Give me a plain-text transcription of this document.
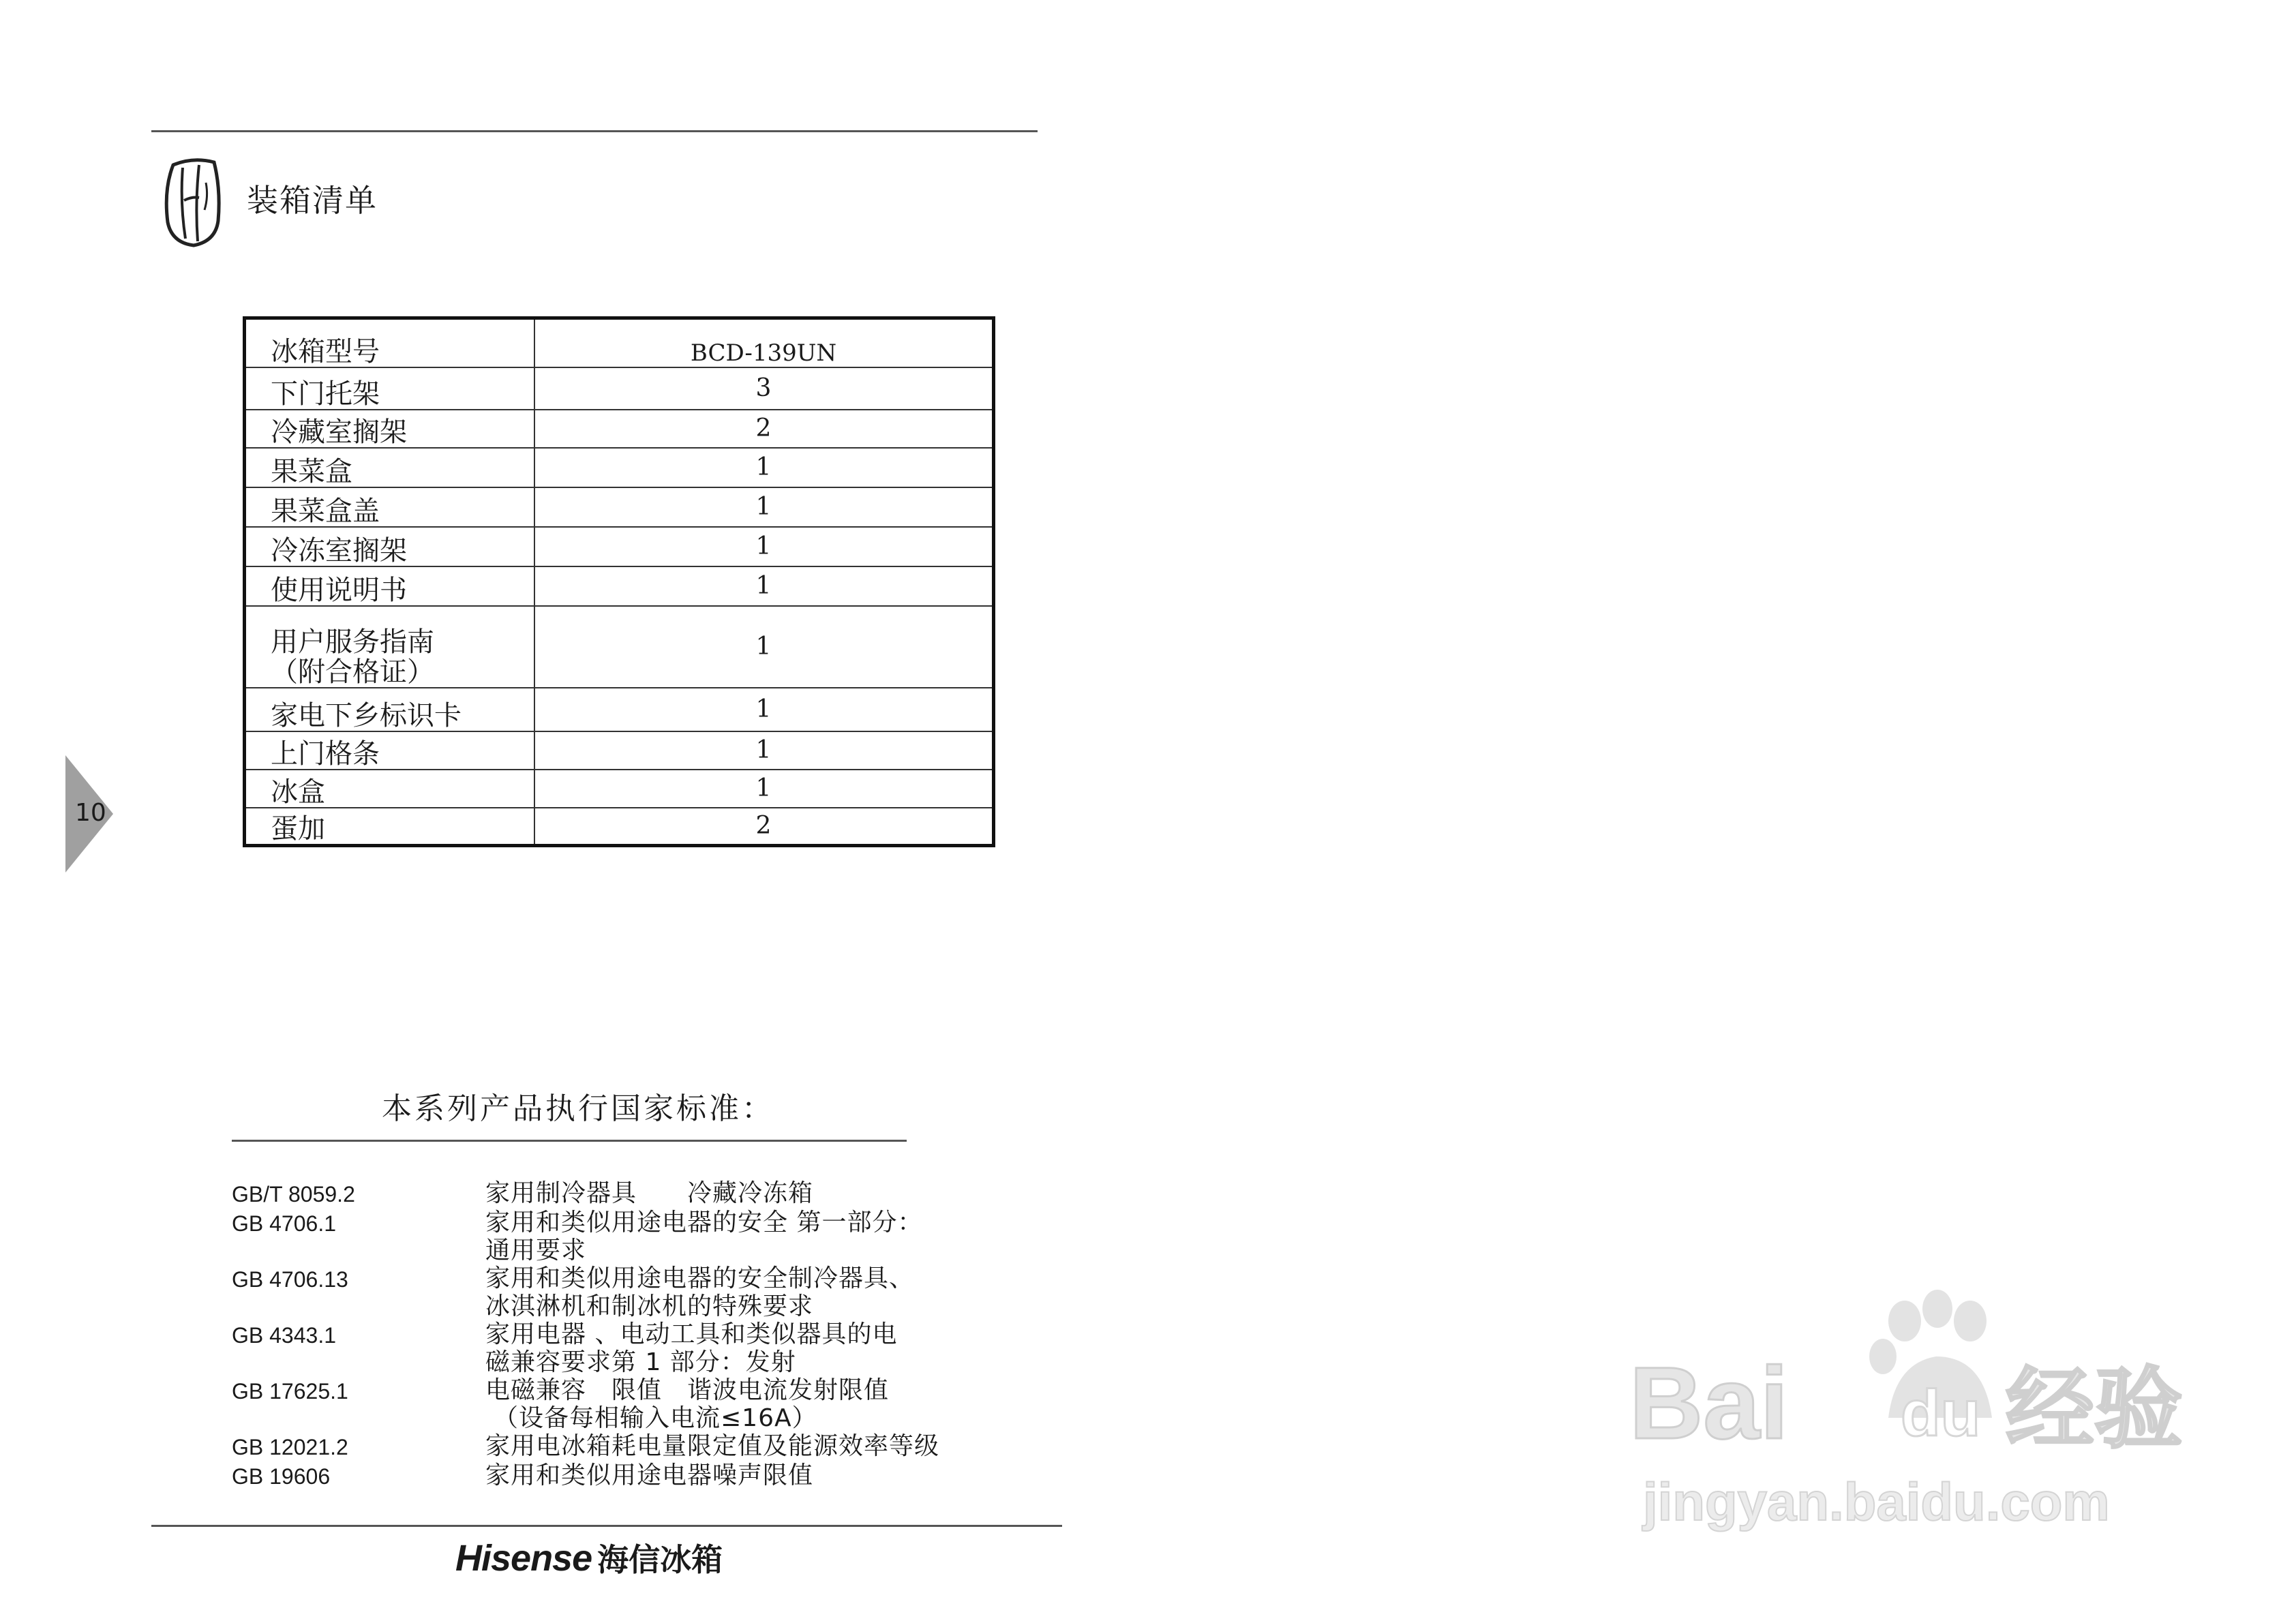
装箱清单
冰箱型号	BCD-139UN

下门托架	3

冷藏室搁架	2

果菜盒	1

果菜盒盖	1

冷冻室搁架	1

使用说明书	1

用户服务指南
（附合格证）	1

家电下乡标识卡	1

上门格条	1

冰盒	1

蛋加	2
10
本系列产品执行国家标准：
GB/T 8059.2	家用制冷器具　　冷藏冷冻箱
GB 4706.1	家用和类似用途电器的安全 第一部分：
通用要求
GB 4706.13	家用和类似用途电器的安全制冷器具、
冰淇淋机和制冰机的特殊要求
GB 4343.1	家用电器 、电动工具和类似器具的电
磁兼容要求第 1 部分：发射
GB 17625.1	电磁兼容　限值　谐波电流发射限值
（设备每相输入电流≤16A）
GB 12021.2	家用电冰箱耗电量限定值及能源效率等级
GB 19606	家用和类似用途电器噪声限值
Hisense 海信冰箱
Bai du 经验
jingyan.baidu.com
